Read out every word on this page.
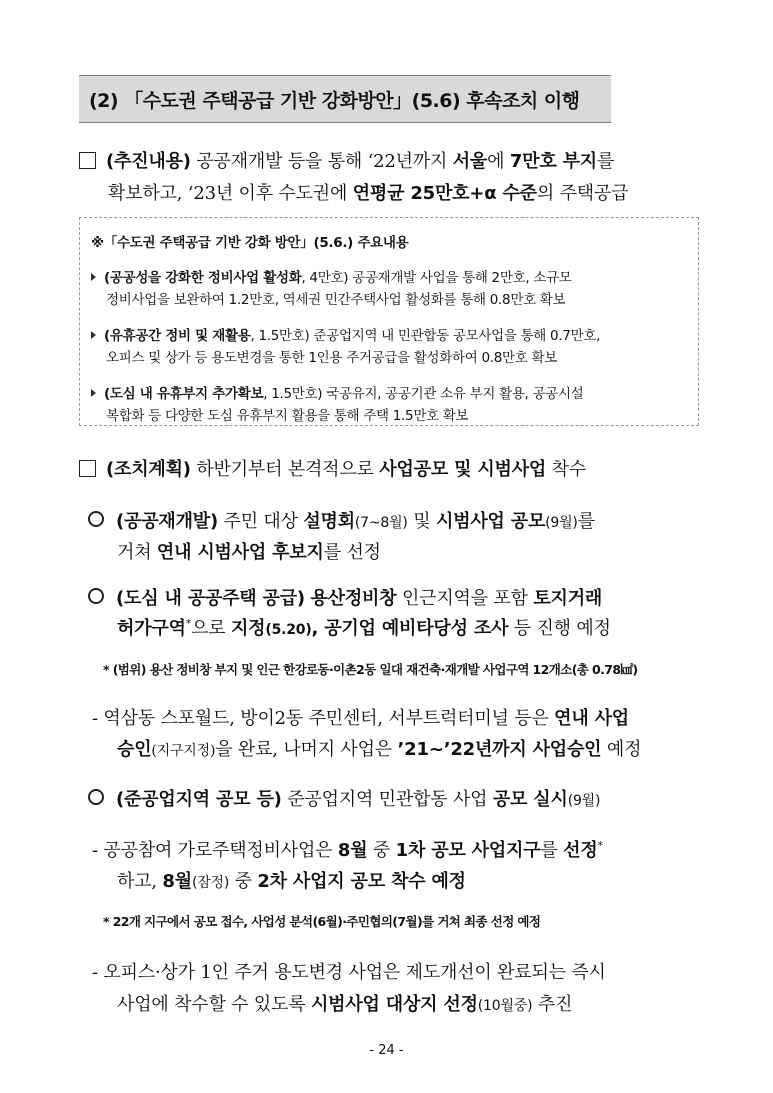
(2) 「수도권 주택공급 기반 강화방안」(5.6) 후속조치 이행
(추진내용) 공공재개발 등을 통해 ‘22년까지 서울에 7만호 부지를
확보하고, ‘23년 이후 수도권에 연평균 25만호+α 수준의 주택공급
※「수도권 주택공급 기반 강화 방안」(5.6.) 주요내용
(공공성을 강화한 정비사업 활성화, 4만호) 공공재개발 사업을 통해 2만호, 소규모
정비사업을 보완하여 1.2만호, 역세권 민간주택사업 활성화를 통해 0.8만호 확보
(유휴공간 정비 및 재활용, 1.5만호) 준공업지역 내 민관합동 공모사업을 통해 0.7만호,
오피스 및 상가 등 용도변경을 통한 1인용 주거공급을 활성화하여 0.8만호 확보
(도심 내 유휴부지 추가확보, 1.5만호) 국공유지, 공공기관 소유 부지 활용, 공공시설
복합화 등 다양한 도심 유휴부지 활용을 통해 주택 1.5만호 확보
(조치계획) 하반기부터 본격적으로 사업공모 및 시범사업 착수
(공공재개발) 주민 대상 설명회(7~8월) 및 시범사업 공모(9월)를
거쳐 연내 시범사업 후보지를 선정
(도심 내 공공주택 공급) 용산정비창 인근지역을 포함 토지거래
허가구역*으로 지정(5.20), 공기업 예비타당성 조사 등 진행 예정
* (범위) 용산 정비창 부지 및 인근 한강로동·이촌2동 일대 재건축·재개발 사업구역 12개소(총 0.78㎢)
- 역삼동 스포월드, 방이2동 주민센터, 서부트럭터미널 등은 연내 사업
승인(지구지정)을 완료, 나머지 사업은 ’21~’22년까지 사업승인 예정
(준공업지역 공모 등) 준공업지역 민관합동 사업 공모 실시(9월)
- 공공참여 가로주택정비사업은 8월 중 1차 공모 사업지구를 선정*
하고, 8월(잠정) 중 2차 사업지 공모 착수 예정
* 22개 지구에서 공모 접수, 사업성 분석(6월)·주민협의(7월)를 거쳐 최종 선정 예정
- 오피스·상가 1인 주거 용도변경 사업은 제도개선이 완료되는 즉시
사업에 착수할 수 있도록 시범사업 대상지 선정(10월중) 추진
- 24 -
